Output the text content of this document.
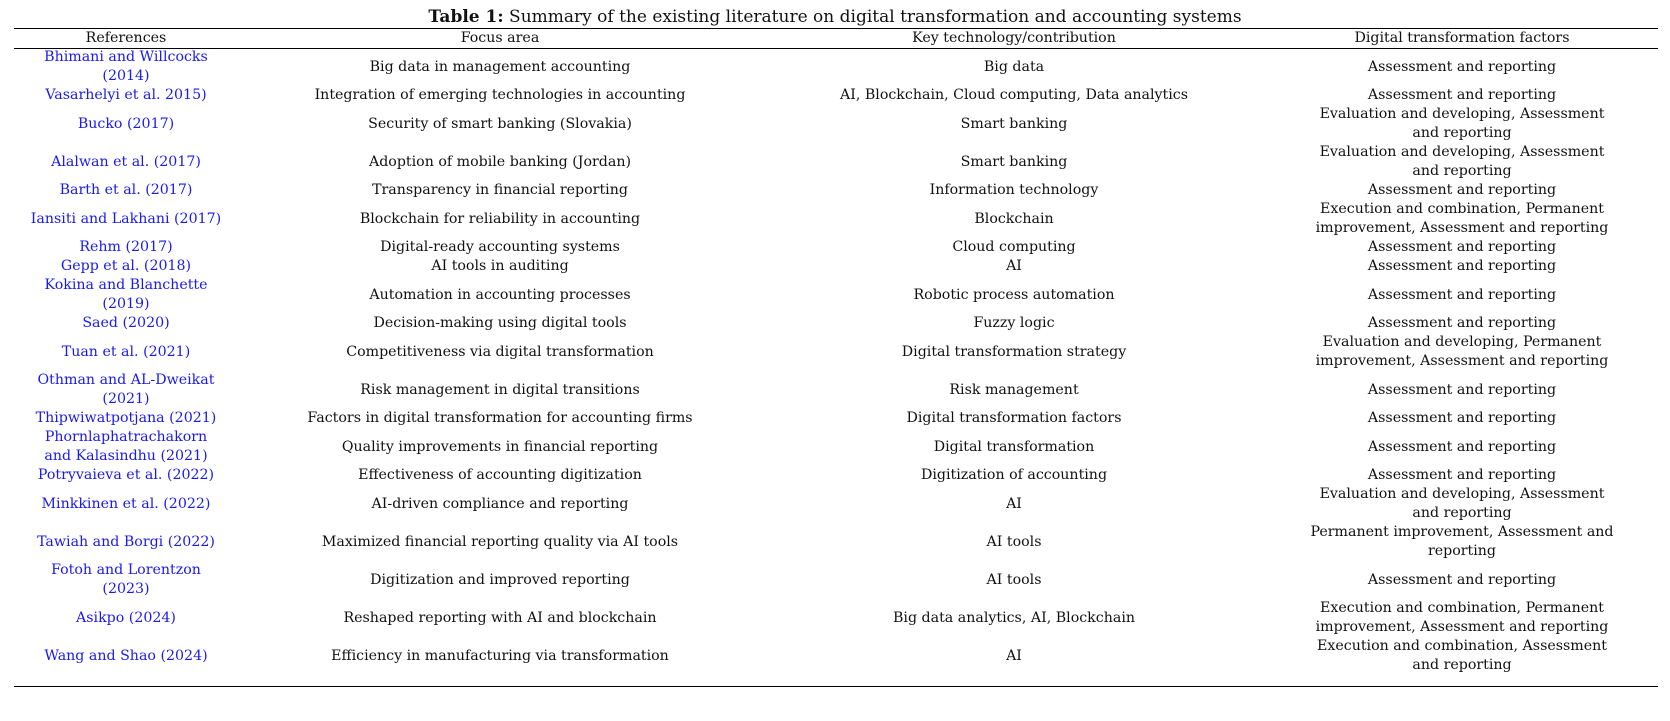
Table 1: Summary of the existing literature on digital transformation and accounting systems
References	Focus area	Key technology/contribution	Digital transformation factors
Bhimani and Willcocks (2014)	Big data in management accounting	Big data	Assessment and reporting
Vasarhelyi et al. 2015)	Integration of emerging technologies in accounting	AI, Blockchain, Cloud computing, Data analytics	Assessment and reporting
Bucko (2017)	Security of smart banking (Slovakia)	Smart banking	Evaluation and developing, Assessment and reporting
Alalwan et al. (2017)	Adoption of mobile banking (Jordan)	Smart banking	Evaluation and developing, Assessment and reporting
Barth et al. (2017)	Transparency in financial reporting	Information technology	Assessment and reporting
Iansiti and Lakhani (2017)	Blockchain for reliability in accounting	Blockchain	Execution and combination, Permanent improvement, Assessment and reporting
Rehm (2017)	Digital-ready accounting systems	Cloud computing	Assessment and reporting
Gepp et al. (2018)	AI tools in auditing	AI	Assessment and reporting
Kokina and Blanchette (2019)	Automation in accounting processes	Robotic process automation	Assessment and reporting
Saed (2020)	Decision-making using digital tools	Fuzzy logic	Assessment and reporting
Tuan et al. (2021)	Competitiveness via digital transformation	Digital transformation strategy	Evaluation and developing, Permanent improvement, Assessment and reporting
Othman and AL-Dweikat (2021)	Risk management in digital transitions	Risk management	Assessment and reporting
Thipwiwatpotjana (2021)	Factors in digital transformation for accounting firms	Digital transformation factors	Assessment and reporting
Phornlaphatrachakorn and Kalasindhu (2021)	Quality improvements in financial reporting	Digital transformation	Assessment and reporting
Potryvaieva et al. (2022)	Effectiveness of accounting digitization	Digitization of accounting	Assessment and reporting
Minkkinen et al. (2022)	AI-driven compliance and reporting	AI	Evaluation and developing, Assessment and reporting
Tawiah and Borgi (2022)	Maximized financial reporting quality via AI tools	AI tools	Permanent improvement, Assessment and reporting
Fotoh and Lorentzon (2023)	Digitization and improved reporting	AI tools	Assessment and reporting
Asikpo (2024)	Reshaped reporting with AI and blockchain	Big data analytics, AI, Blockchain	Execution and combination, Permanent improvement, Assessment and reporting
Wang and Shao (2024)	Efficiency in manufacturing via transformation	AI	Execution and combination, Assessment and reporting
